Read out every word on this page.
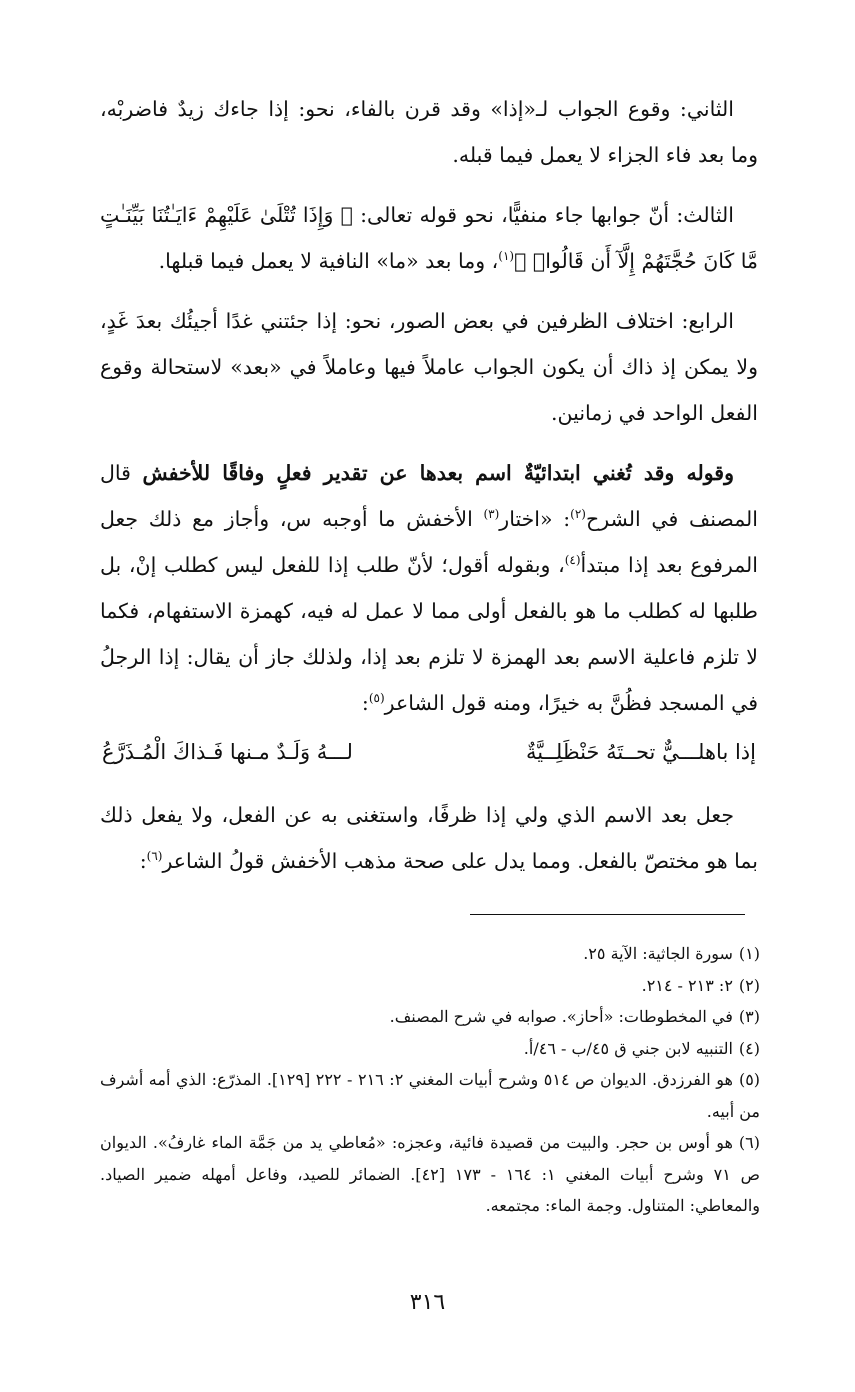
الثاني: وقوع الجواب لـ«إذا» وقد قرن بالفاء، نحو: إذا جاءك زيدٌ فاضربْه، وما بعد فاء الجزاء لا يعمل فيما قبله.

الثالث: أنّ جوابها جاء منفيًّا، نحو قوله تعالى: ﴿ وَإِذَا تُتْلَىٰ عَلَيْهِمْ ءَايَـٰتُنَا بَيِّنَـٰتٍ مَّا كَانَ حُجَّتَهُمْ إِلَّآ أَن قَالُوا۟ ﴾$^{(١)}$، وما بعد «ما» النافية لا يعمل فيما قبلها.

الرابع: اختلاف الظرفين في بعض الصور، نحو: إذا جئتني غدًا أجيئُك بعدَ غَدٍ، ولا يمكن إذ ذاك أن يكون الجواب عاملاً فيها وعاملاً في «بعد» لاستحالة وقوع الفعل الواحد في زمانين.

وقوله وقد تُغني ابتدائيّةٌ اسم بعدها عن تقدير فعلٍ وفاقًا للأخفش قال المصنف في الشرح$^{(٢)}$: «اختار$^{(٣)}$ الأخفش ما أوجبه س، وأجاز مع ذلك جعل المرفوع بعد إذا مبتدأ$^{(٤)}$، وبقوله أقول؛ لأنّ طلب إذا للفعل ليس كطلب إنْ، بل طلبها له كطلب ما هو بالفعل أولى مما لا عمل له فيه، كهمزة الاستفهام، فكما لا تلزم فاعلية الاسم بعد الهمزة لا تلزم بعد إذا، ولذلك جاز أن يقال: إذا الرجلُ في المسجد فظُنَّ به خيرًا، ومنه قول الشاعر$^{(٥)}$:

إذا باهلـــيٌّ تحــتَهُ حَنْظَلِــيَّةٌ
لـــهُ وَلَـدٌ مـنها فَـذاكَ الْمُـذَرَّعُ

جعل بعد الاسم الذي ولي إذا ظرفًا، واستغنى به عن الفعل، ولا يفعل ذلك بما هو مختصّ بالفعل. ومما يدل على صحة مذهب الأخفش قولُ الشاعر$^{(٦)}$:

(١)سورة الجاثية: الآية ٢٥.

(٢)٢: ٢١٣ - ٢١٤.

(٣)في المخطوطات: «أحاز». صوابه في شرح المصنف.

(٤)التنبيه لابن جني ق ٤٥/ب - ٤٦/أ.

(٥)هو الفرزدق. الديوان ص ٥١٤ وشرح أبيات المغني ٢: ٢١٦ - ٢٢٢ [١٢٩]. المذرّع: الذي أمه أشرف من أبيه.

(٦)هو أوس بن حجر. والبيت من قصيدة فائية، وعجزه: «مُعاطي يد من جَمَّة الماء غارفُ». الديوان ص ٧١ وشرح أبيات المغني ١: ١٦٤ - ١٧٣ [٤٢]. الضمائر للصيد، وفاعل أمهله ضمير الصياد. والمعاطي: المتناول. وجمة الماء: مجتمعه.

٣١٦
